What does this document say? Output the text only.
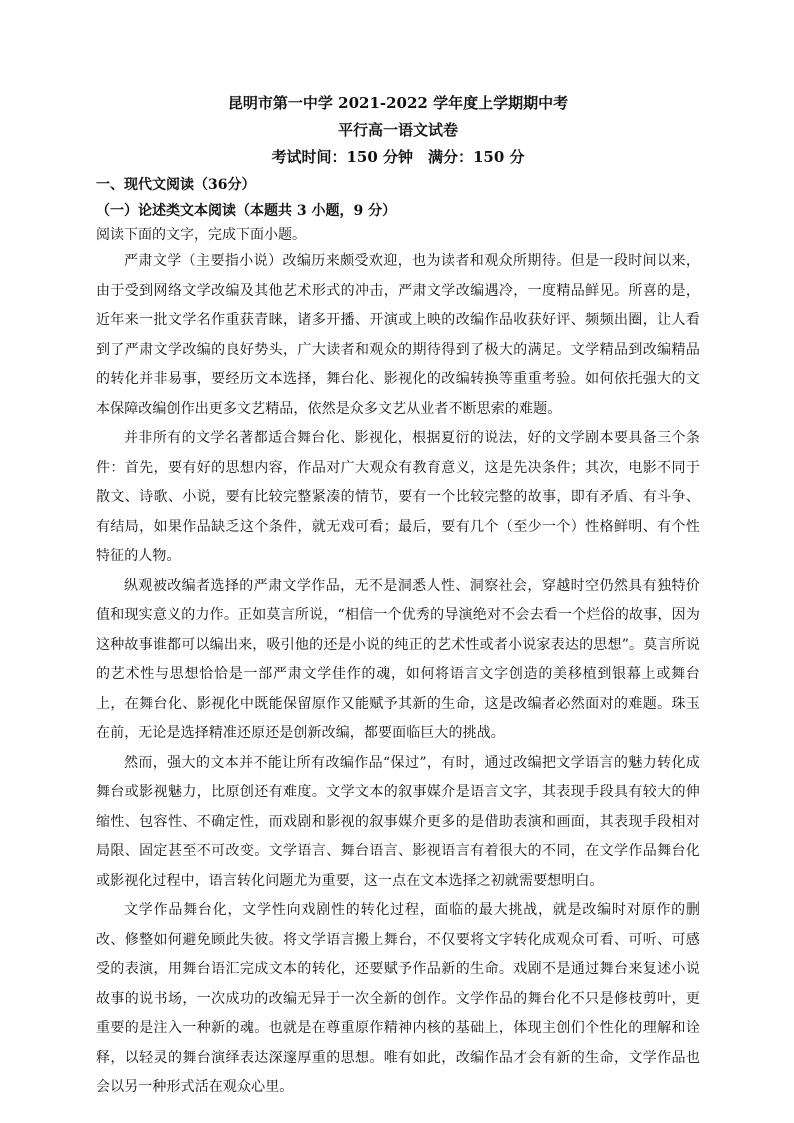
昆明市第一中学 2021-2022 学年度上学期期中考

平行高一语文试卷

考试时间：150 分钟　满分：150 分

一、现代文阅读（36分）

（一）论述类文本阅读（本题共 3 小题，9 分）

阅读下面的文字，完成下面小题。

严肃文学（主要指小说）改编历来颇受欢迎，也为读者和观众所期待。但是一段时间以来，由于受到网络文学改编及其他艺术形式的冲击，严肃文学改编遇冷，一度精品鲜见。所喜的是，近年来一批文学名作重获青睐，诸多开播、开演或上映的改编作品收获好评、频频出圈，让人看到了严肃文学改编的良好势头，广大读者和观众的期待得到了极大的满足。文学精品到改编精品的转化并非易事，要经历文本选择，舞台化、影视化的改编转换等重重考验。如何依托强大的文本保障改编创作出更多文艺精品，依然是众多文艺从业者不断思索的难题。

并非所有的文学名著都适合舞台化、影视化，根据夏衍的说法，好的文学剧本要具备三个条件：首先，要有好的思想内容，作品对广大观众有教育意义，这是先决条件；其次，电影不同于散文、诗歌、小说，要有比较完整紧凑的情节，要有一个比较完整的故事，即有矛盾、有斗争、有结局，如果作品缺乏这个条件，就无戏可看；最后，要有几个（至少一个）性格鲜明、有个性特征的人物。

纵观被改编者选择的严肃文学作品，无不是洞悉人性、洞察社会，穿越时空仍然具有独特价值和现实意义的力作。正如莫言所说，“相信一个优秀的导演绝对不会去看一个烂俗的故事，因为这种故事谁都可以编出来，吸引他的还是小说的纯正的艺术性或者小说家表达的思想”。莫言所说的艺术性与思想恰恰是一部严肃文学佳作的魂，如何将语言文字创造的美移植到银幕上或舞台上，在舞台化、影视化中既能保留原作又能赋予其新的生命，这是改编者必然面对的难题。珠玉在前，无论是选择精准还原还是创新改编，都要面临巨大的挑战。

然而，强大的文本并不能让所有改编作品“保过”，有时，通过改编把文学语言的魅力转化成舞台或影视魅力，比原创还有难度。文学文本的叙事媒介是语言文字，其表现手段具有较大的伸缩性、包容性、不确定性，而戏剧和影视的叙事媒介更多的是借助表演和画面，其表现手段相对局限、固定甚至不可改变。文学语言、舞台语言、影视语言有着很大的不同，在文学作品舞台化或影视化过程中，语言转化问题尤为重要，这一点在文本选择之初就需要想明白。

文学作品舞台化，文学性向戏剧性的转化过程，面临的最大挑战，就是改编时对原作的删改、修整如何避免顾此失彼。将文学语言搬上舞台，不仅要将文字转化成观众可看、可听、可感受的表演，用舞台语汇完成文本的转化，还要赋予作品新的生命。戏剧不是通过舞台来复述小说故事的说书场，一次成功的改编无异于一次全新的创作。文学作品的舞台化不只是修枝剪叶，更重要的是注入一种新的魂。也就是在尊重原作精神内核的基础上，体现主创们个性化的理解和诠释，以轻灵的舞台演绎表达深邃厚重的思想。唯有如此，改编作品才会有新的生命，文学作品也会以另一种形式活在观众心里。
